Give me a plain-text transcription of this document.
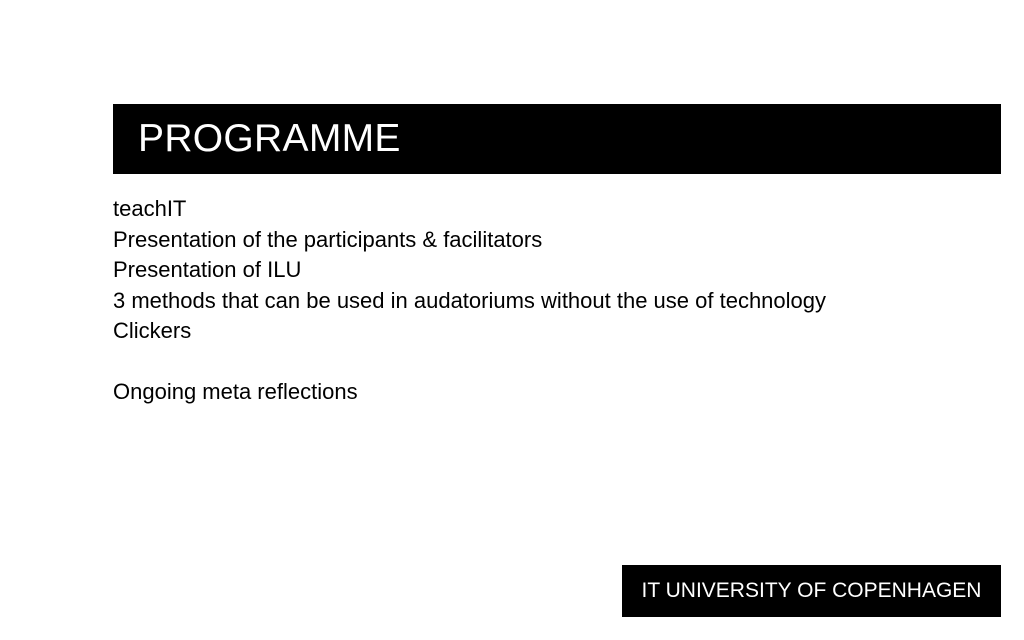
PROGRAMME
teachIT
Presentation of the participants & facilitators
Presentation of ILU
3 methods that can be used in audatoriums without the use of technology
Clickers
Ongoing meta reflections
IT UNIVERSITY OF COPENHAGEN
